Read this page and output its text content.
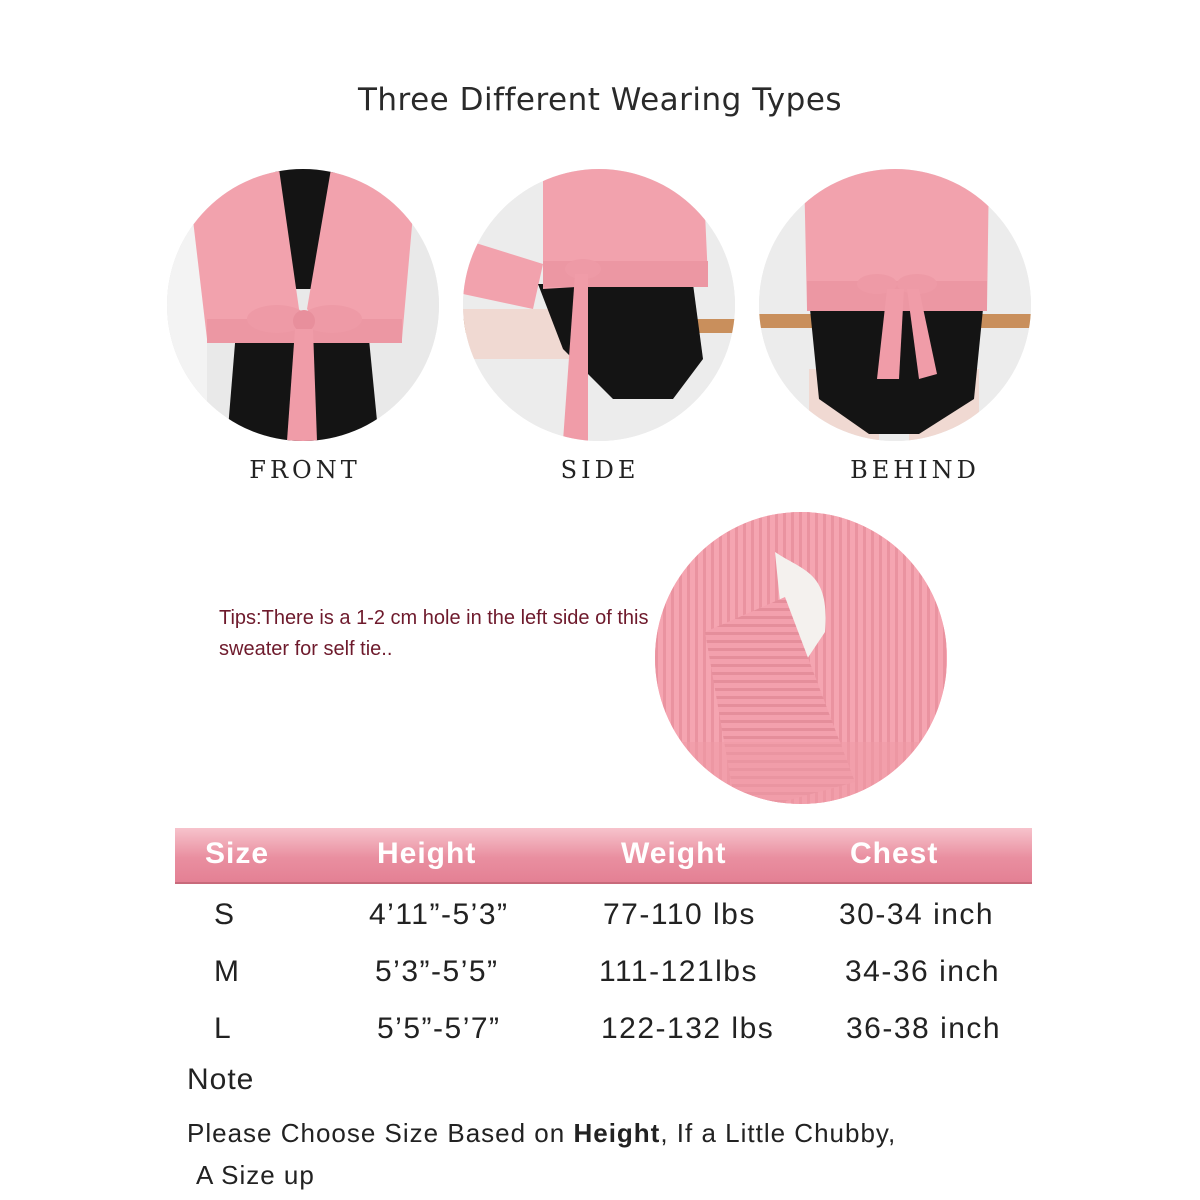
Three Different Wearing Types
FRONT	SIDE	BEHIND
Tips:There is a 1-2 cm hole in the left side of this sweater for self tie..
Size	Height	Weight	Chest
S	4’11”-5’3”	77-110 lbs	30-34 inch
M	5’3”-5’5”	111-121lbs	34-36 inch
L	5’5”-5’7”	122-132 lbs 36-38 inch
Note
Please Choose Size Based on Height, If a Little Chubby,
A Size up
